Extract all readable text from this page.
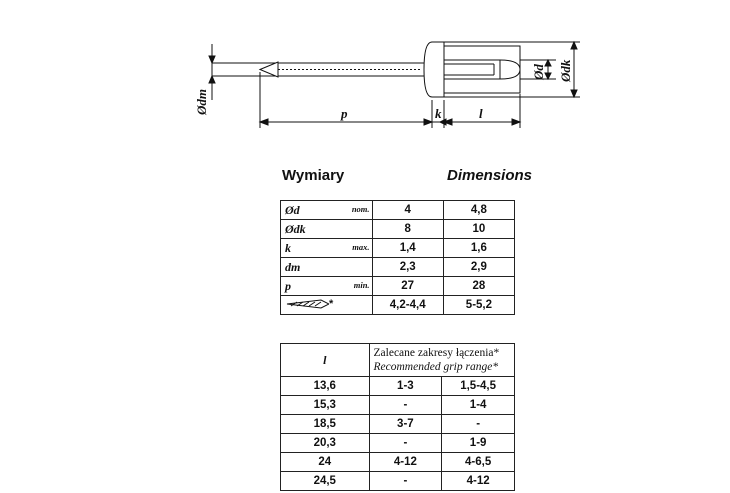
Ødm	p	k	l
Ød Ødk
Wymiary	Dimensions
Ød nom.	4	4,8
Ødk	8	10
k max.	1,4	1,6
dm	2,3	2,9
p min.	27	28
*	4,2-4,4	5-5,2
l	Zalecane zakresy łączenia*
Recommended grip range*	

13,6	1-3	1,5-4,5
15,3	-	1-4
18,5	3-7	-
20,3	-	1-9
24	4-12	4-6,5
24,5	-	4-12
